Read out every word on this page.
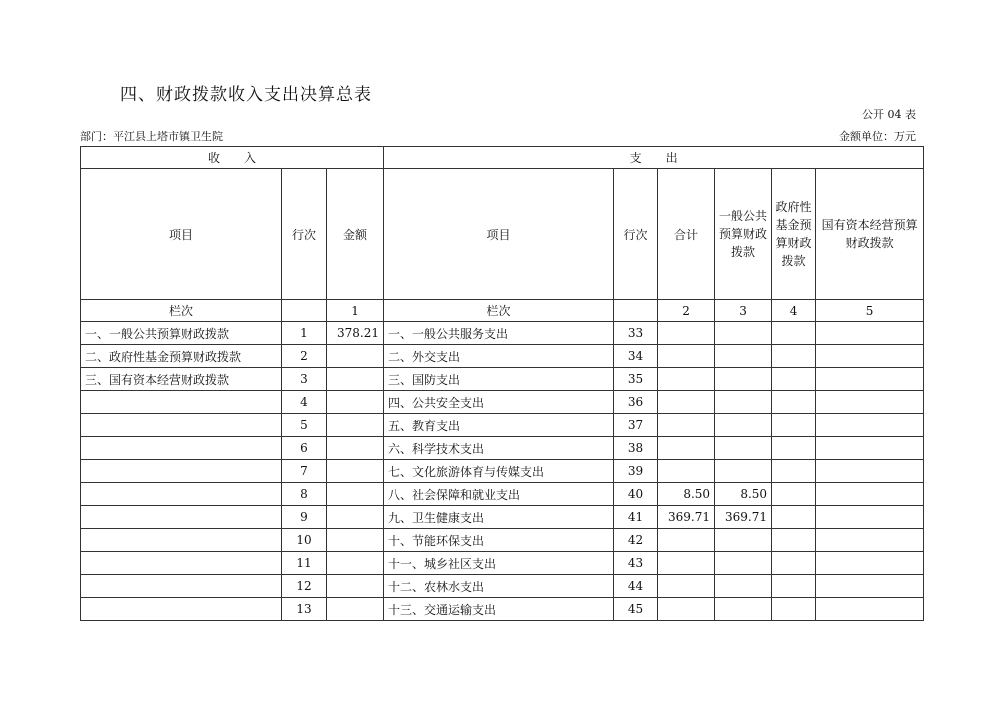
四、财政拨款收入支出决算总表
公开 04 表
部门：平江县上塔市镇卫生院	金额单位：万元
收　　入			支　　出					
项目	行次	金额	项目	行次	合计	一般公共预算财政拨款	政府性基金预算财政拨款	国有资本经营预算财政拨款
栏次		1	栏次		2	3	4	5
一、一般公共预算财政拨款	1	378.21	一、一般公共服务支出	33				
二、政府性基金预算财政拨款	2		二、外交支出	34				
三、国有资本经营财政拨款	3		三、国防支出	35				
	4		四、公共安全支出	36				
	5		五、教育支出	37				
	6		六、科学技术支出	38				
	7		七、文化旅游体育与传媒支出	39				
	8		八、社会保障和就业支出	40	8.50	8.50		
	9		九、卫生健康支出	41	369.71	369.71		
	10		十、节能环保支出	42				
	11		十一、城乡社区支出	43				
	12		十二、农林水支出	44				
	13		十三、交通运输支出	45				
